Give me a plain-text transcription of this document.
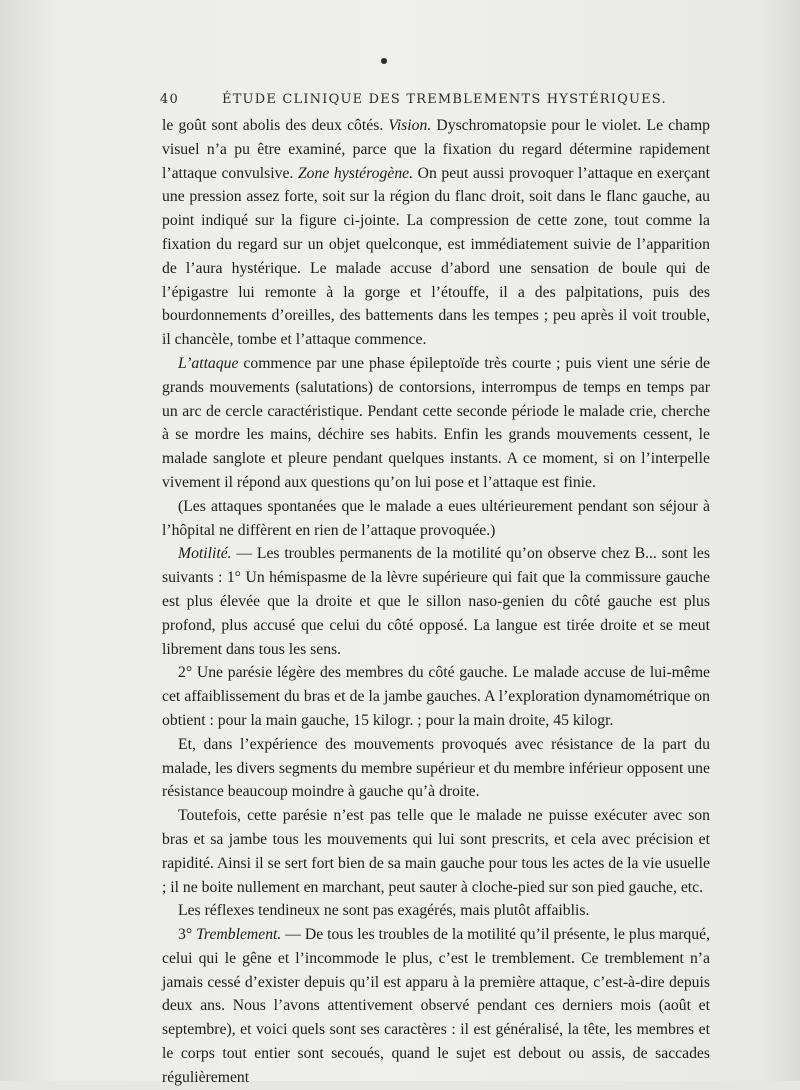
40	ÉTUDE CLINIQUE DES TREMBLEMENTS HYSTÉRIQUES.

le goût sont abolis des deux côtés. Vision. Dyschromatopsie pour le violet. Le champ visuel n’a pu être examiné, parce que la fixation du regard détermine rapidement l’attaque convulsive. Zone hystérogène. On peut aussi provoquer l’attaque en exerçant une pression assez forte, soit sur la région du flanc droit, soit dans le flanc gauche, au point indiqué sur la figure ci-jointe. La compression de cette zone, tout comme la fixation du regard sur un objet quelconque, est immédiatement suivie de l’apparition de l’aura hystérique. Le malade accuse d’abord une sensation de boule qui de l’épigastre lui remonte à la gorge et l’étouffe, il a des palpitations, puis des bourdonnements d’oreilles, des battements dans les tempes ; peu après il voit trouble, il chancèle, tombe et l’attaque commence.

L’attaque commence par une phase épileptoïde très courte ; puis vient une série de grands mouvements (salutations) de contorsions, interrompus de temps en temps par un arc de cercle caractéristique. Pendant cette seconde période le malade crie, cherche à se mordre les mains, déchire ses habits. Enfin les grands mouvements cessent, le malade sanglote et pleure pendant quelques instants. A ce moment, si on l’interpelle vivement il répond aux questions qu’on lui pose et l’attaque est finie.

(Les attaques spontanées que le malade a eues ultérieurement pendant son séjour à l’hôpital ne diffèrent en rien de l’attaque provoquée.)

Motilité. — Les troubles permanents de la motilité qu’on observe chez B... sont les suivants : 1° Un hémispasme de la lèvre supérieure qui fait que la commissure gauche est plus élevée que la droite et que le sillon naso-genien du côté gauche est plus profond, plus accusé que celui du côté opposé. La langue est tirée droite et se meut librement dans tous les sens.

2° Une parésie légère des membres du côté gauche. Le malade accuse de lui-même cet affaiblissement du bras et de la jambe gauches. A l’exploration dynamométrique on obtient : pour la main gauche, 15 kilogr. ; pour la main droite, 45 kilogr.

Et, dans l’expérience des mouvements provoqués avec résistance de la part du malade, les divers segments du membre supérieur et du membre inférieur opposent une résistance beaucoup moindre à gauche qu’à droite.

Toutefois, cette parésie n’est pas telle que le malade ne puisse exécuter avec son bras et sa jambe tous les mouvements qui lui sont prescrits, et cela avec précision et rapidité. Ainsi il se sert fort bien de sa main gauche pour tous les actes de la vie usuelle ; il ne boite nullement en marchant, peut sauter à cloche-pied sur son pied gauche, etc.

Les réflexes tendineux ne sont pas exagérés, mais plutôt affaiblis.

3° Tremblement. — De tous les troubles de la motilité qu’il présente, le plus marqué, celui qui le gêne et l’incommode le plus, c’est le tremblement. Ce tremblement n’a jamais cessé d’exister depuis qu’il est apparu à la première attaque, c’est-à-dire depuis deux ans. Nous l’avons attentivement observé pendant ces derniers mois (août et septembre), et voici quels sont ses caractères : il est généralisé, la tête, les membres et le corps tout entier sont secoués, quand le sujet est debout ou assis, de saccades régulièrement
